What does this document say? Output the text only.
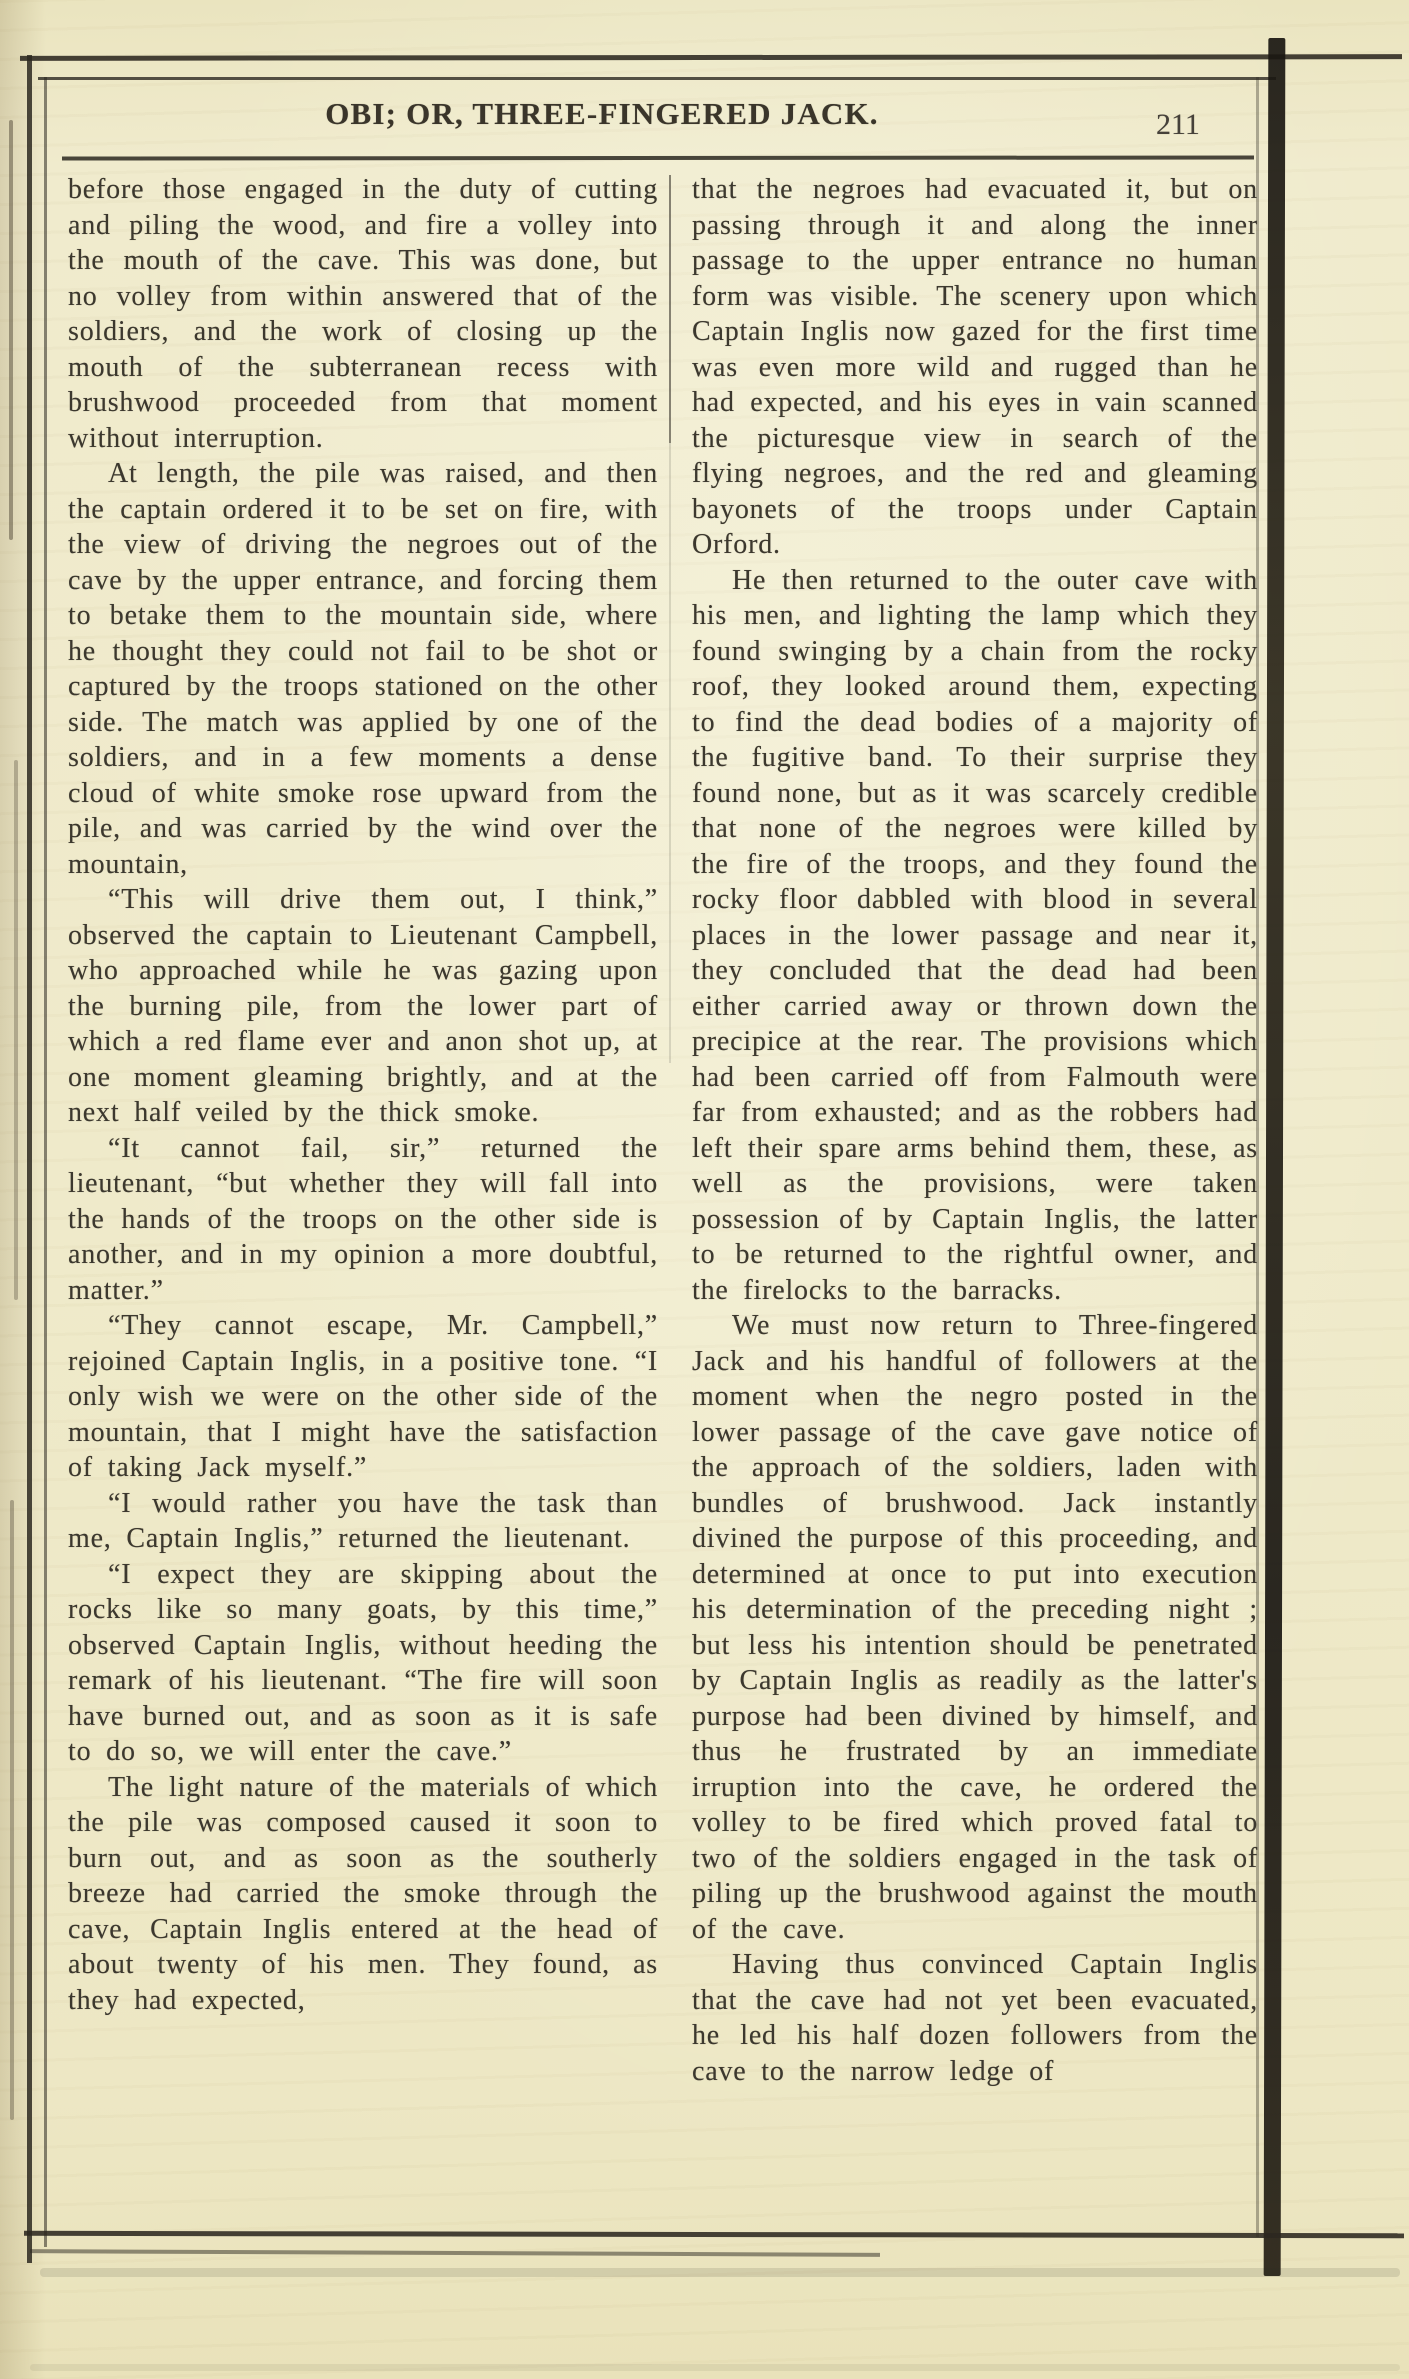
OBI; OR, THREE-FINGERED JACK.	211

before those engaged in the duty of cutting and piling the wood, and fire a volley into the mouth of the cave. This was done, but no volley from within answered that of the soldiers, and the work of closing up the mouth of the subterranean recess with brushwood proceeded from that moment without interruption.

At length, the pile was raised, and then the captain ordered it to be set on fire, with the view of driving the negroes out of the cave by the upper entrance, and forcing them to betake them to the mountain side, where he thought they could not fail to be shot or captured by the troops stationed on the other side. The match was applied by one of the soldiers, and in a few moments a dense cloud of white smoke rose upward from the pile, and was carried by the wind over the mountain,

“This will drive them out, I think,” observed the captain to Lieutenant Campbell, who approached while he was gazing upon the burning pile, from the lower part of which a red flame ever and anon shot up, at one moment gleaming brightly, and at the next half veiled by the thick smoke.

“It cannot fail, sir,” returned the lieutenant, “but whether they will fall into the hands of the troops on the other side is another, and in my opinion a more doubtful, matter.”

“They cannot escape, Mr. Campbell,” rejoined Captain Inglis, in a positive tone. “I only wish we were on the other side of the mountain, that I might have the satisfaction of taking Jack myself.”

“I would rather you have the task than me, Captain Inglis,” returned the lieutenant.

“I expect they are skipping about the rocks like so many goats, by this time,” observed Captain Inglis, without heeding the remark of his lieutenant. “The fire will soon have burned out, and as soon as it is safe to do so, we will enter the cave.”

The light nature of the materials of which the pile was composed caused it soon to burn out, and as soon as the southerly breeze had carried the smoke through the cave, Captain Inglis entered at the head of about twenty of his men. They found, as they had expected,

that the negroes had evacuated it, but on passing through it and along the inner passage to the upper entrance no human form was visible. The scenery upon which Captain Inglis now gazed for the first time was even more wild and rugged than he had expected, and his eyes in vain scanned the picturesque view in search of the flying negroes, and the red and gleaming bayonets of the troops under Captain Orford.

He then returned to the outer cave with his men, and lighting the lamp which they found swinging by a chain from the rocky roof, they looked around them, expecting to find the dead bodies of a majority of the fugitive band. To their surprise they found none, but as it was scarcely credible that none of the negroes were killed by the fire of the troops, and they found the rocky floor dabbled with blood in several places in the lower passage and near it, they concluded that the dead had been either carried away or thrown down the precipice at the rear. The provisions which had been carried off from Falmouth were far from exhausted; and as the robbers had left their spare arms behind them, these, as well as the provisions, were taken possession of by Captain Inglis, the latter to be returned to the rightful owner, and the firelocks to the barracks.

We must now return to Three-fingered Jack and his handful of followers at the moment when the negro posted in the lower passage of the cave gave notice of the approach of the soldiers, laden with bundles of brushwood. Jack instantly divined the purpose of this proceeding, and determined at once to put into execution his determination of the preceding night ; but less his intention should be penetrated by Captain Inglis as readily as the latter's purpose had been divined by himself, and thus he frustrated by an immediate irruption into the cave, he ordered the volley to be fired which proved fatal to two of the soldiers engaged in the task of piling up the brushwood against the mouth of the cave.

Having thus convinced Captain Inglis that the cave had not yet been evacuated, he led his half dozen followers from the cave to the narrow ledge of
